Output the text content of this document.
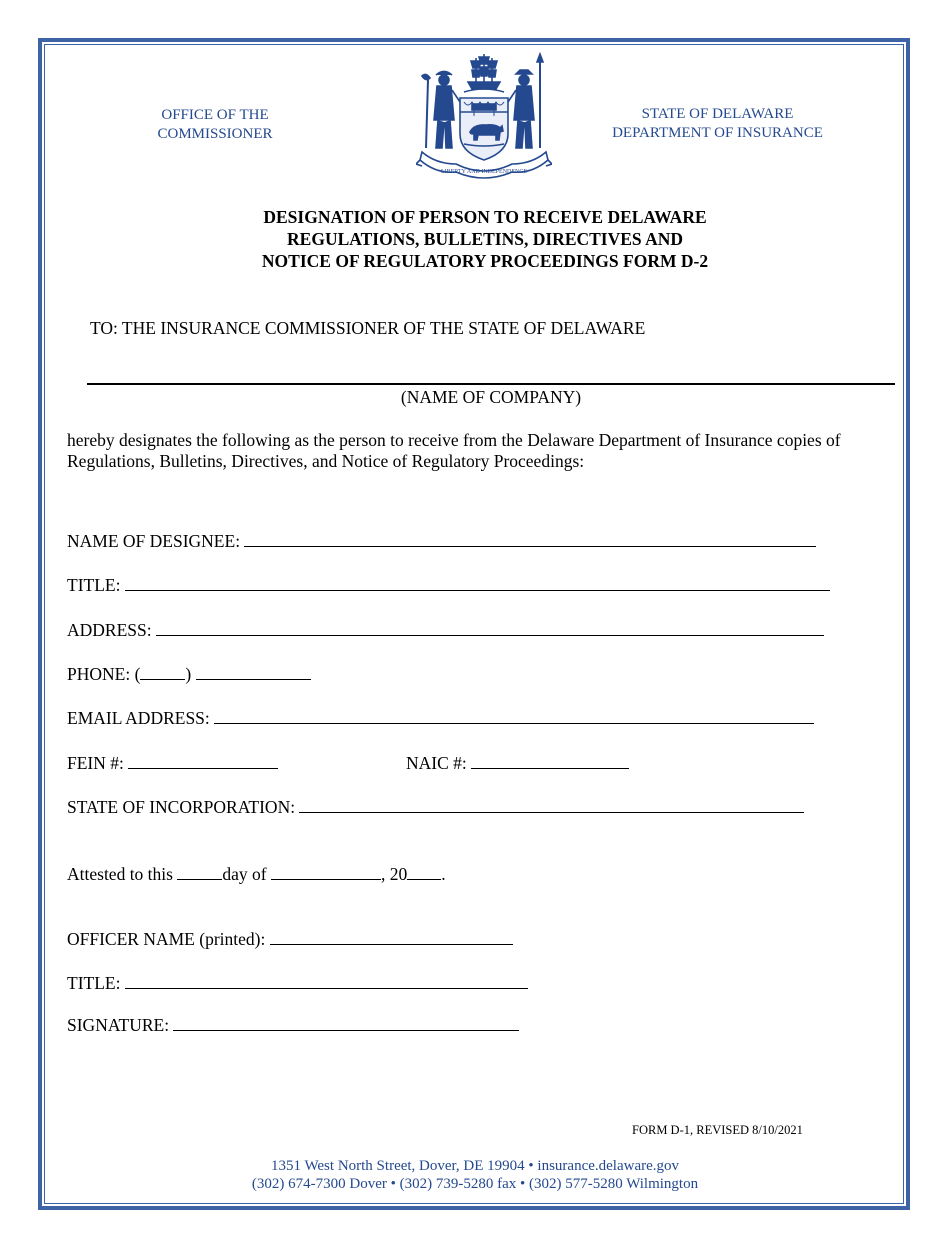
OFFICE OF THE
COMMISSIONER
LIBERTY AND INDEPENDENCE
STATE OF DELAWARE
DEPARTMENT OF INSURANCE
DESIGNATION OF PERSON TO RECEIVE DELAWARE
REGULATIONS, BULLETINS, DIRECTIVES AND
NOTICE OF REGULATORY PROCEEDINGS FORM D-2
TO: THE INSURANCE COMMISSIONER OF THE STATE OF DELAWARE
(NAME OF COMPANY)
hereby designates the following as the person to receive from the Delaware Department of Insurance copies of Regulations, Bulletins, Directives, and Notice of Regulatory Proceedings:
NAME OF DESIGNEE:
TITLE:
ADDRESS:
PHONE: (	)
EMAIL ADDRESS:
FEIN #:	NAIC #:
STATE OF INCORPORATION:
Attested to this	day of	, 20 .
OFFICER NAME (printed):
TITLE:
SIGNATURE:
FORM D-1, REVISED 8/10/2021
1351 West North Street, Dover, DE 19904 • insurance.delaware.gov
(302) 674-7300 Dover • (302) 739-5280 fax • (302) 577-5280 Wilmington
